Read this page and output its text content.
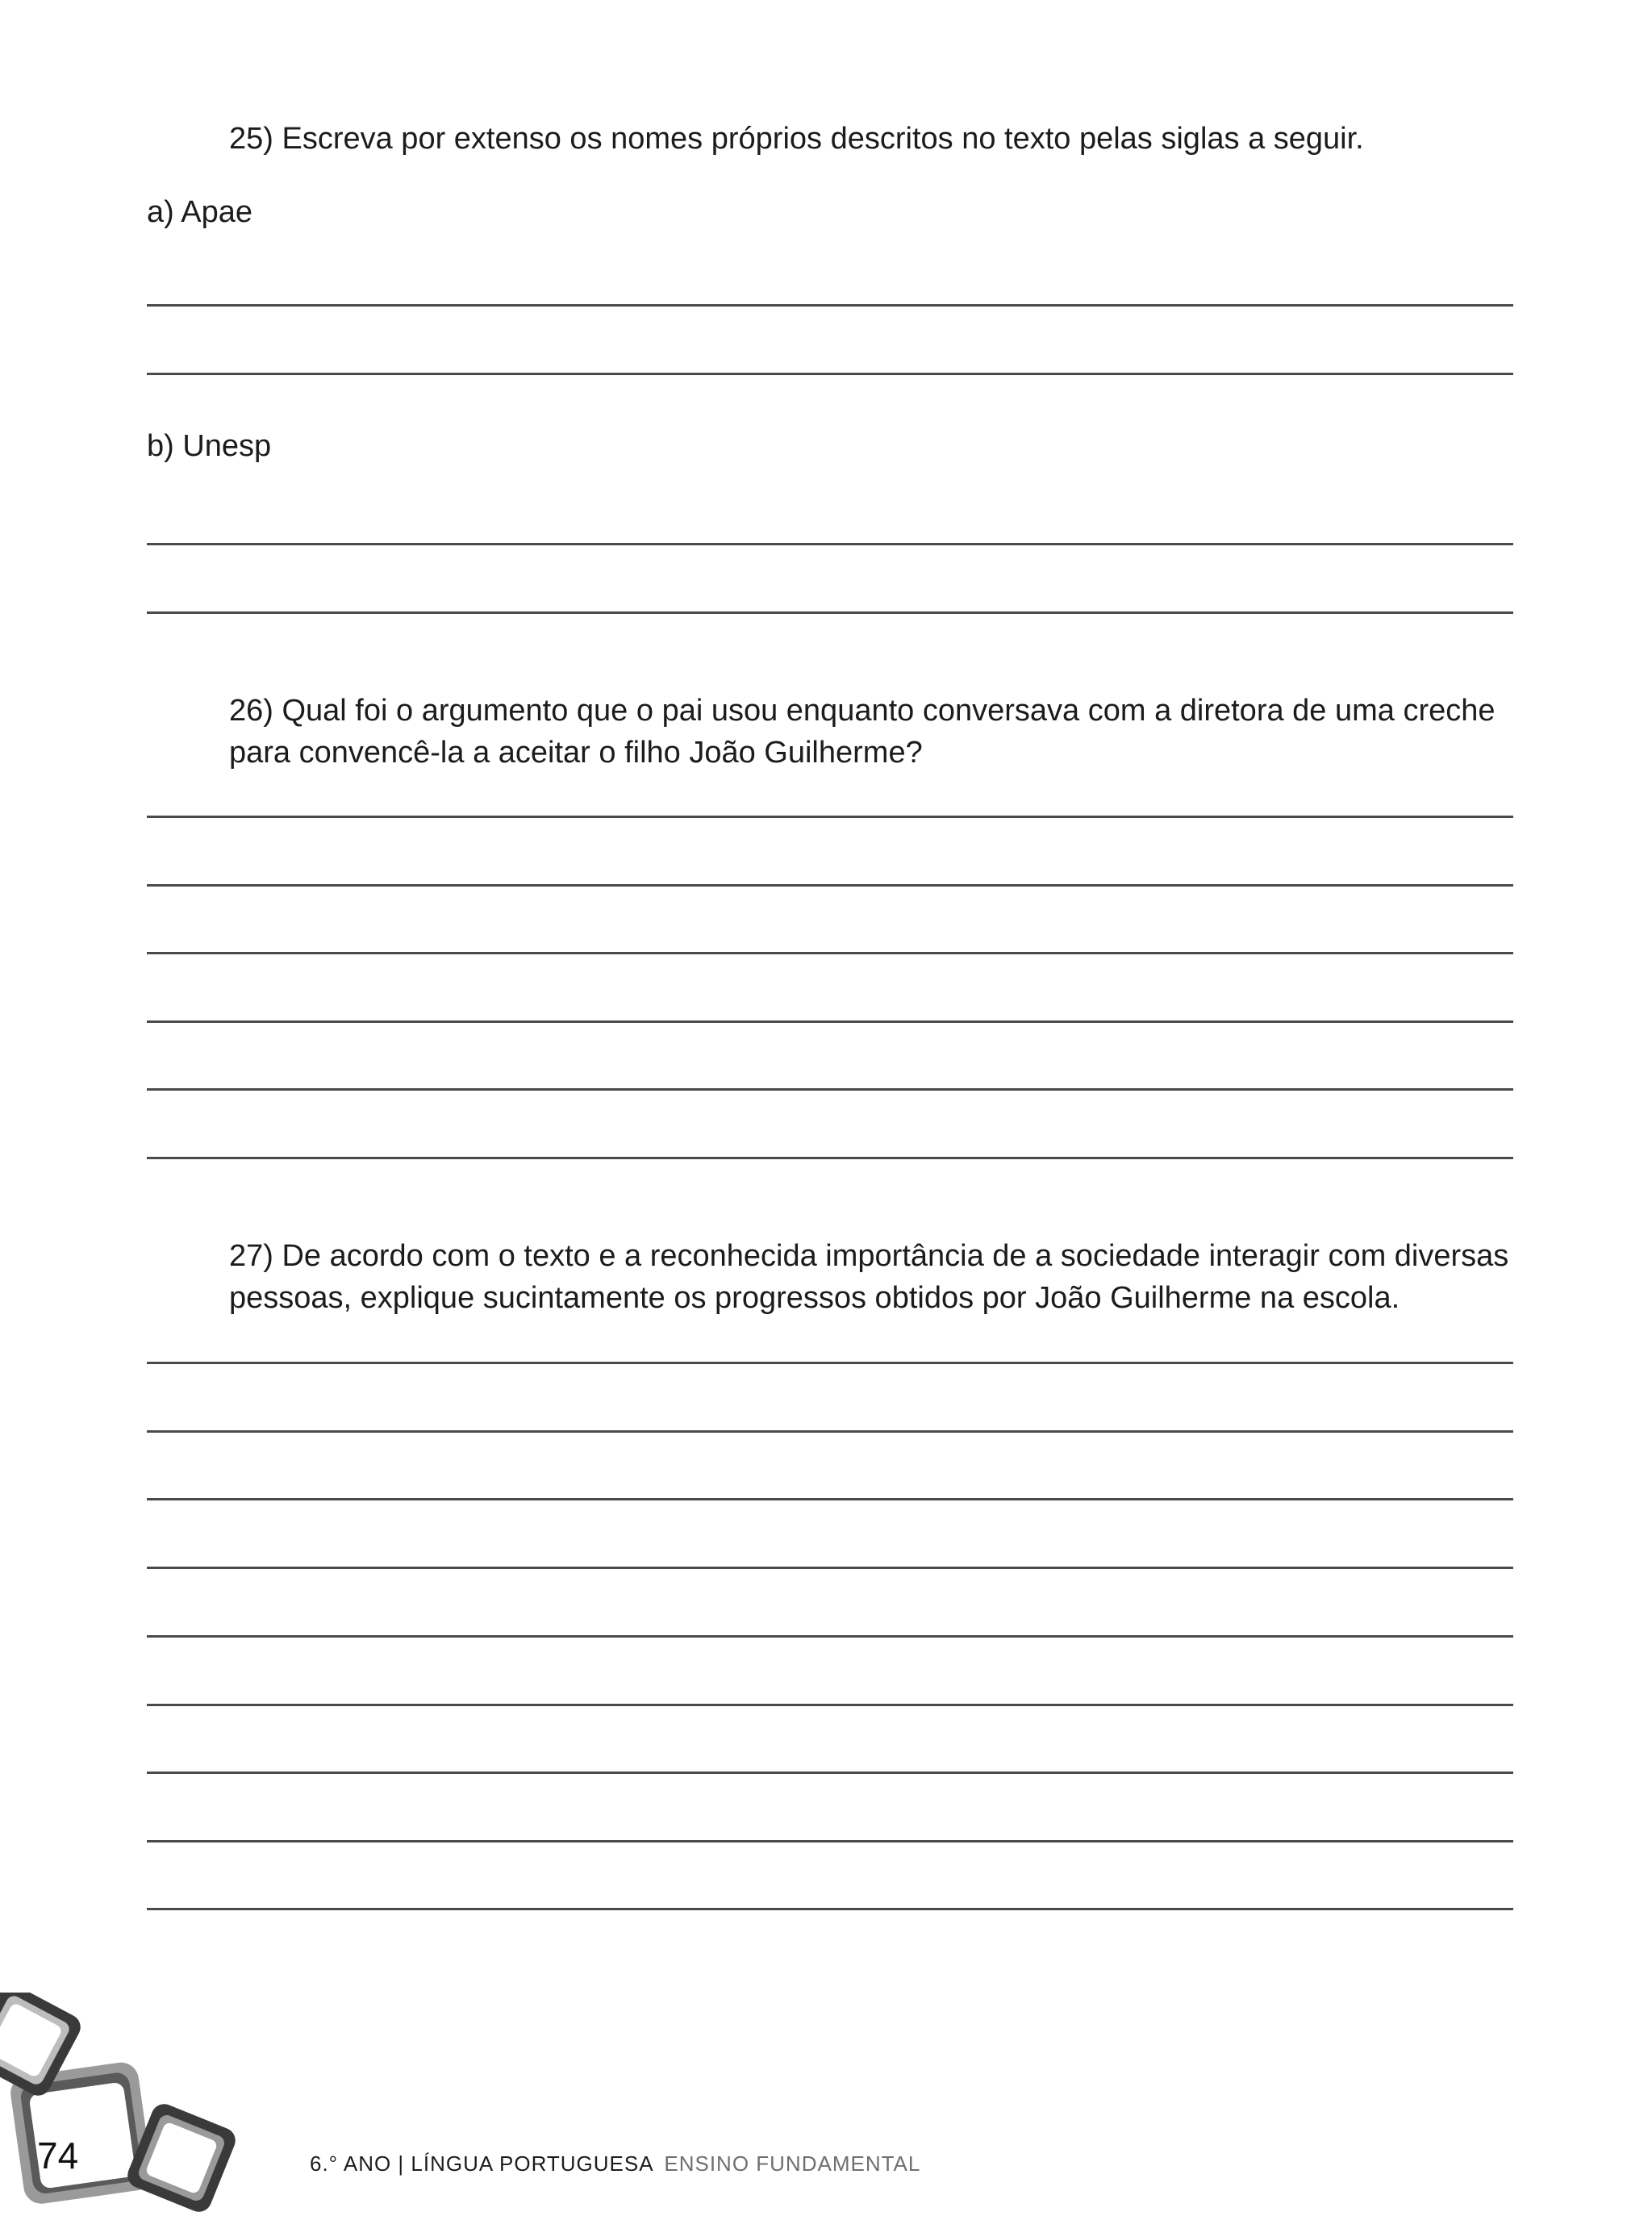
25) Escreva por extenso os nomes próprios descritos no texto pelas siglas a seguir.

a) Apae

b) Unesp

26) Qual foi o argumento que o pai usou enquanto conversava com a diretora de uma creche

para convencê-la a aceitar o filho João Guilherme?

27) De acordo com o texto e a reconhecida importância de a sociedade interagir com diversas

pessoas, explique sucintamente os progressos obtidos por João Guilherme na escola.

74	6.° ANO | LÍNGUA PORTUGUESA ENSINO FUNDAMENTAL
